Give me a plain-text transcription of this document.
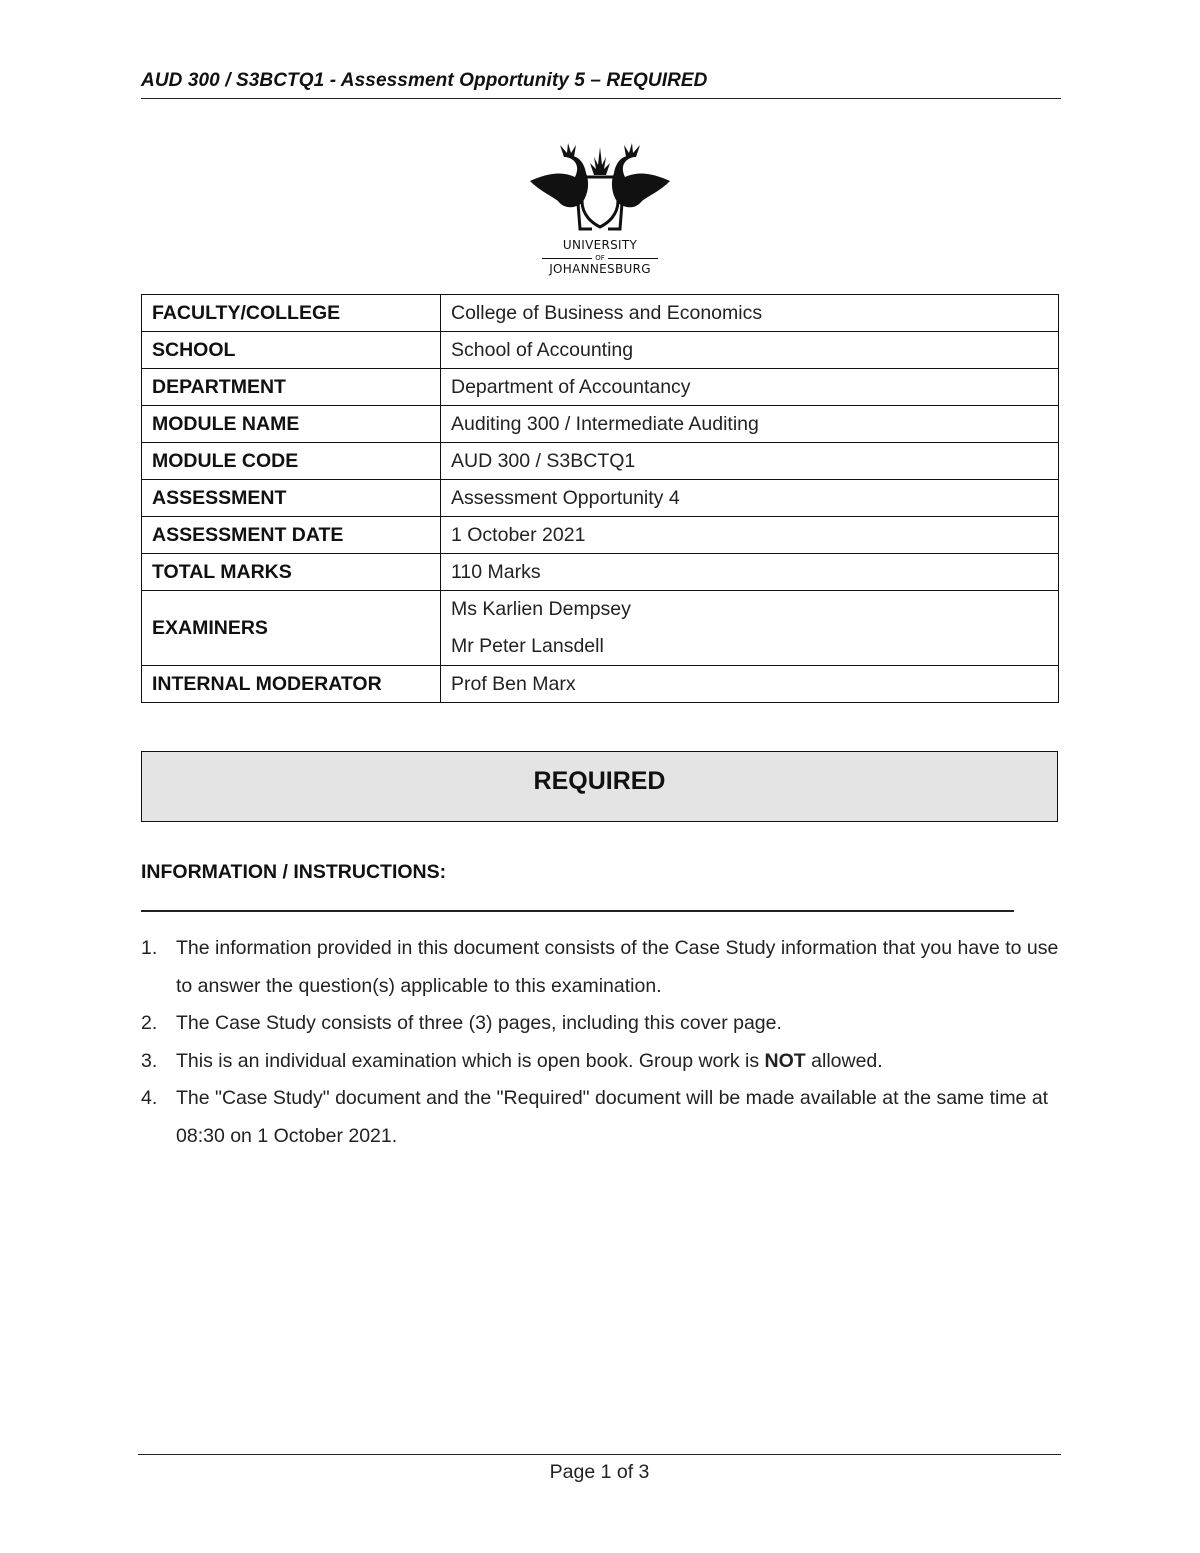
AUD 300 / S3BCTQ1 - Assessment Opportunity 5 – REQUIRED
UNIVERSITY
OF
JOHANNESBURG
FACULTY/COLLEGE	College of Business and Economics
SCHOOL	School of Accounting
DEPARTMENT	Department of Accountancy
MODULE NAME	Auditing 300 / Intermediate Auditing
MODULE CODE	AUD 300 / S3BCTQ1
ASSESSMENT	Assessment Opportunity 4
ASSESSMENT DATE	1 October 2021
TOTAL MARKS	110 Marks
EXAMINERS	Ms Karlien Dempsey
Mr Peter Lansdell

INTERNAL MODERATOR	Prof Ben Marx
REQUIRED
INFORMATION / INSTRUCTIONS:
1. The information provided in this document consists of the Case Study information that you have to use to answer the question(s) applicable to this examination.
2. The Case Study consists of three (3) pages, including this cover page.
3. This is an individual examination which is open book. Group work is NOT allowed.
4. The "Case Study" document and the "Required" document will be made available at the same time at 08:30 on 1 October 2021.
Page 1 of 3
